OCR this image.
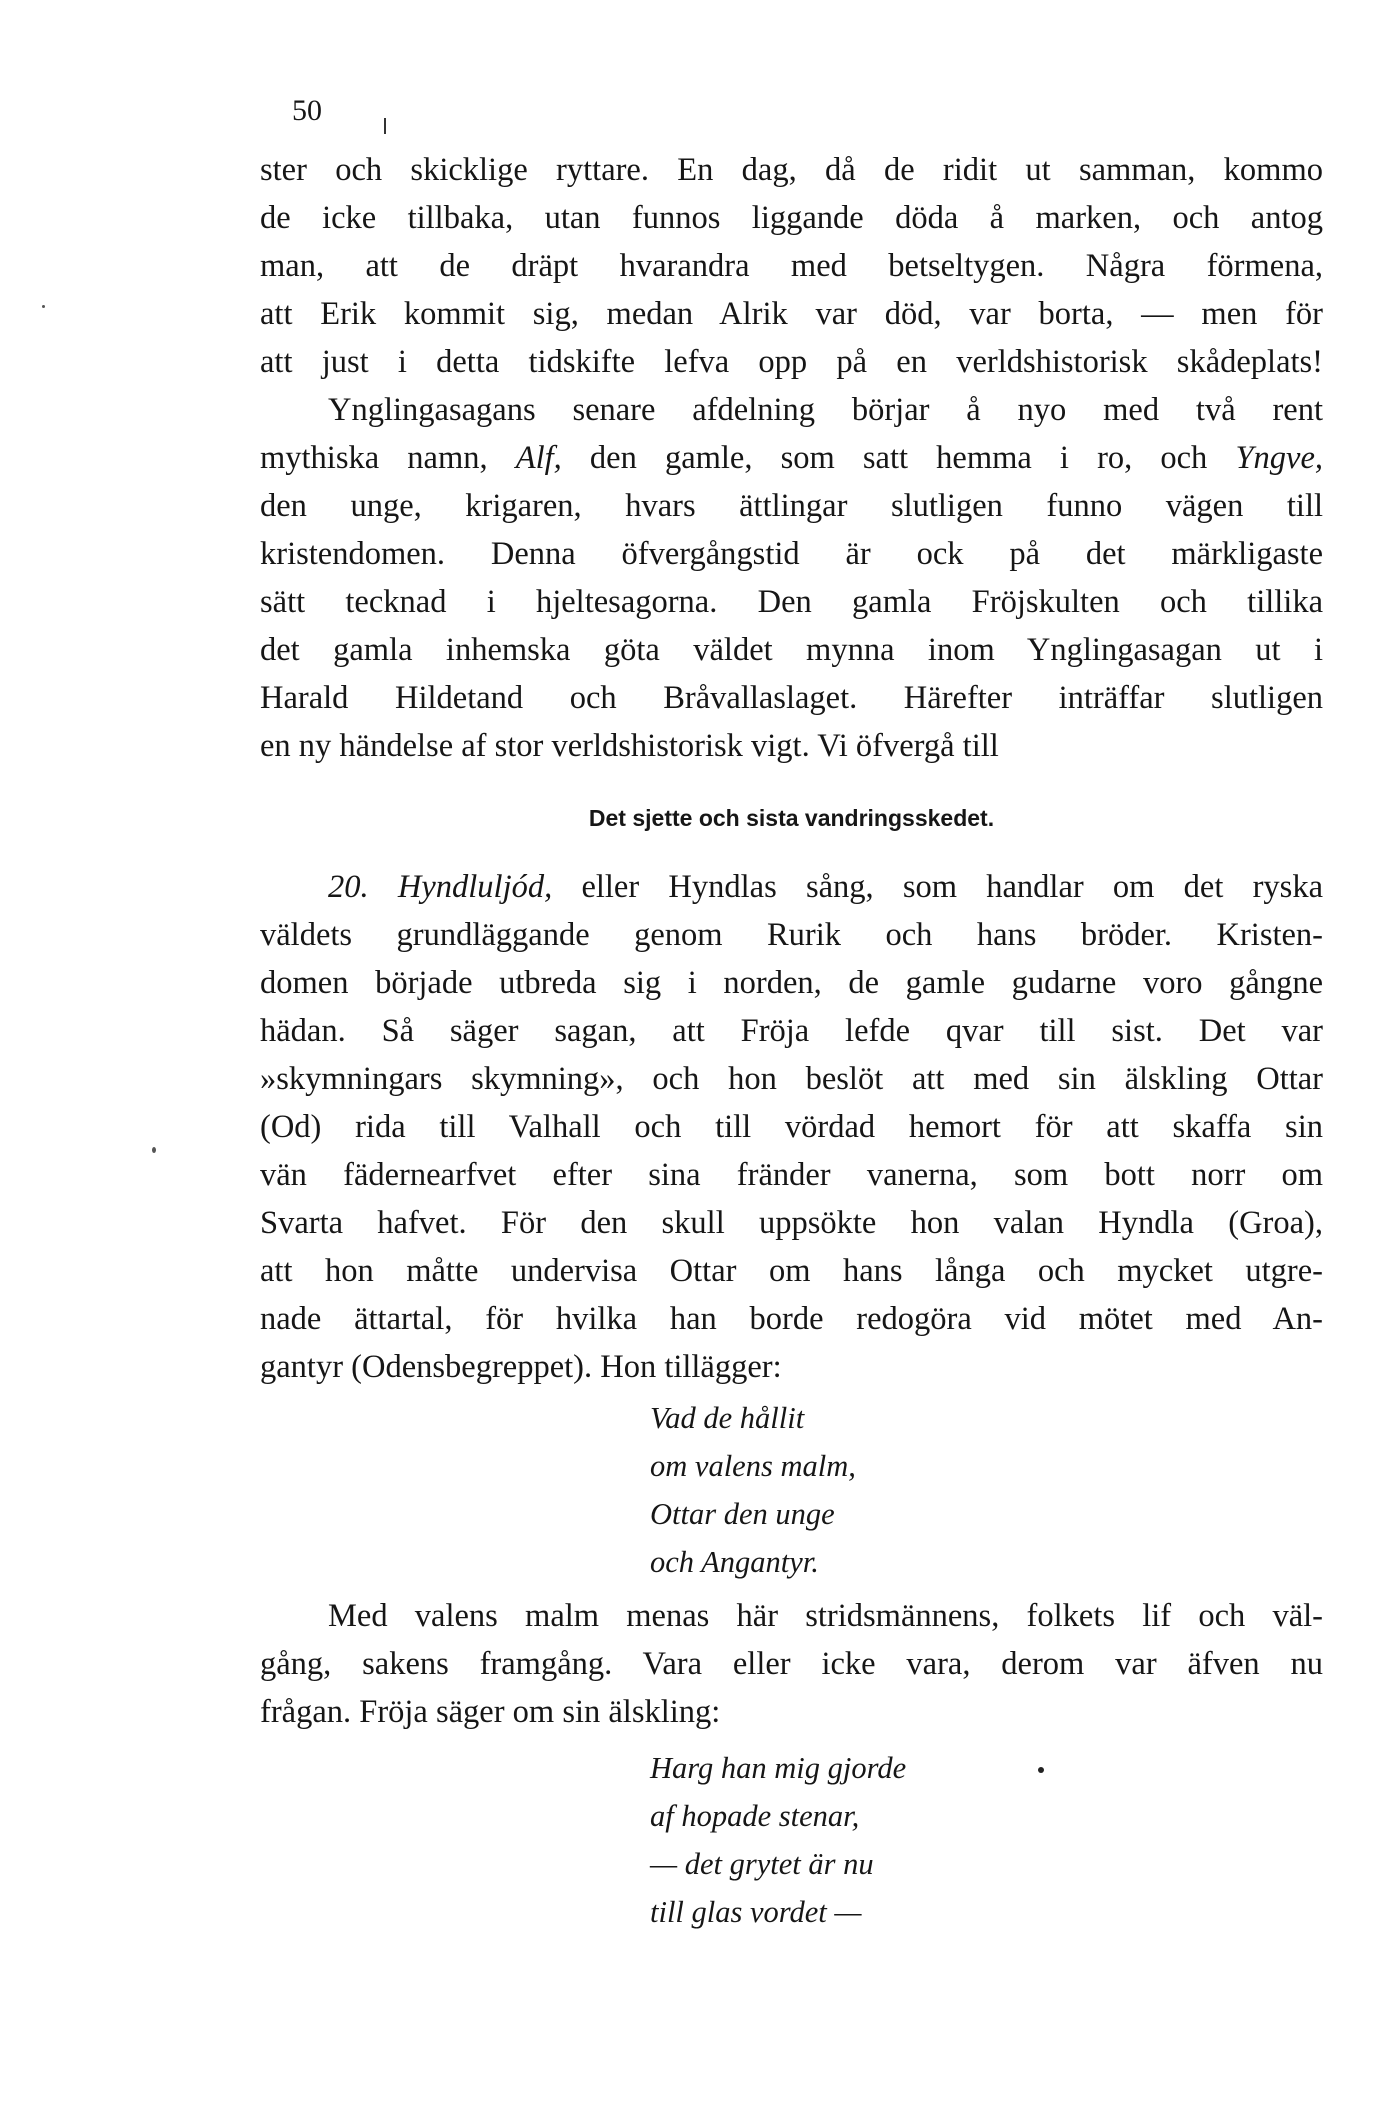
50
ster och skicklige ryttare. En dag, då de ridit ut samman, kommo
de icke tillbaka, utan funnos liggande döda å marken, och antog
man, att de dräpt hvarandra med betseltygen. Några förmena,
att Erik kommit sig, medan Alrik var död, var borta, — men för
att just i detta tidskifte lefva opp på en verldshistorisk skådeplats!
Ynglingasagans senare afdelning börjar å nyo med två rent
mythiska namn, Alf, den gamle, som satt hemma i ro, och Yngve,
den unge, krigaren, hvars ättlingar slutligen funno vägen till
kristendomen. Denna öfvergångstid är ock på det märkligaste
sätt tecknad i hjeltesagorna. Den gamla Fröjskulten och tillika
det gamla inhemska göta väldet mynna inom Ynglingasagan ut i
Harald Hildetand och Bråvallaslaget. Härefter inträffar slutligen
en ny händelse af stor verldshistorisk vigt. Vi öfvergå till
Det sjette och sista vandringsskedet.
20. Hyndluljód, eller Hyndlas sång, som handlar om det ryska
väldets grundläggande genom Rurik och hans bröder. Kristen-
domen började utbreda sig i norden, de gamle gudarne voro gångne
hädan. Så säger sagan, att Fröja lefde qvar till sist. Det var
»skymningars skymning», och hon beslöt att med sin älskling Ottar
(Od) rida till Valhall och till vördad hemort för att skaffa sin
vän fädernearfvet efter sina fränder vanerna, som bott norr om
Svarta hafvet. För den skull uppsökte hon valan Hyndla (Groa),
att hon måtte undervisa Ottar om hans långa och mycket utgre-
nade ättartal, för hvilka han borde redogöra vid mötet med An-
gantyr (Odensbegreppet). Hon tillägger:
Vad de hållit
om valens malm,
Ottar den unge
och Angantyr.
Med valens malm menas här stridsmännens, folkets lif och väl-
gång, sakens framgång. Vara eller icke vara, derom var äfven nu
frågan. Fröja säger om sin älskling:
Harg han mig gjorde
af hopade stenar,
— det grytet är nu
till glas vordet —
